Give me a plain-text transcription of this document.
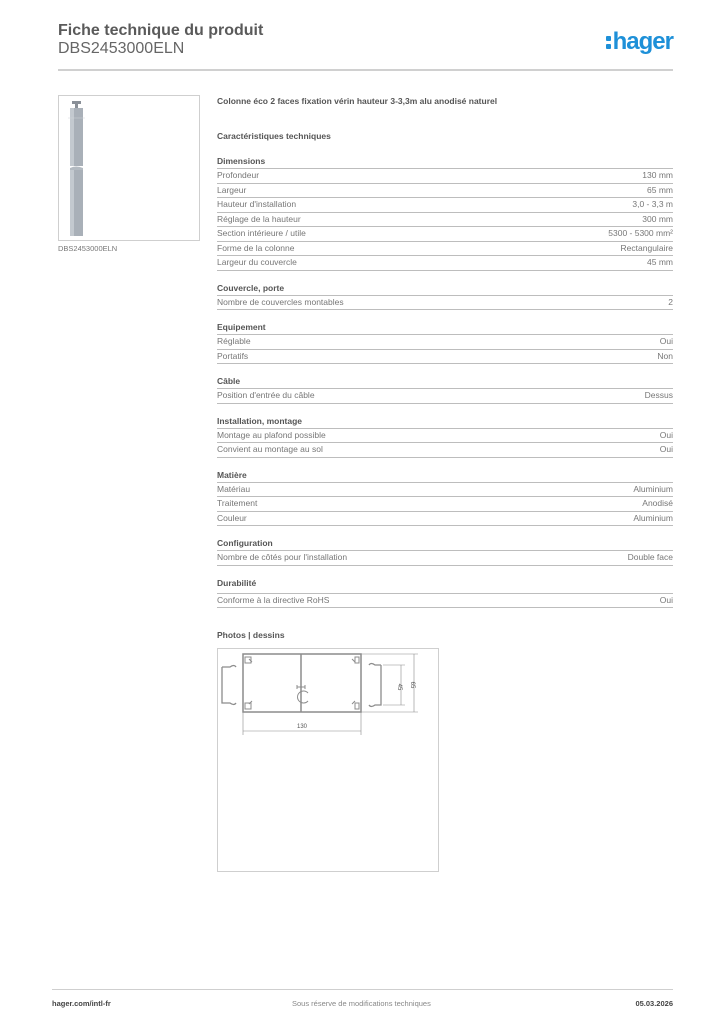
Fiche technique du produit
DBS2453000ELN	hager
DBS2453000ELN
Colonne éco 2 faces fixation vérin hauteur 3-3,3m alu anodisé naturel
Caractéristiques techniques
Dimensions
Profondeur	130 mm
Largeur	65 mm
Hauteur d'installation	3,0 - 3,3 m
Réglage de la hauteur	300 mm
Section intérieure / utile	5300 - 5300 mm²
Forme de la colonne	Rectangulaire
Largeur du couvercle	45 mm
Couvercle, porte
Nombre de couvercles montables	2
Equipement
Réglable	Oui
Portatifs	Non
Câble
Position d'entrée du câble	Dessus
Installation, montage
Montage au plafond possible	Oui
Convient au montage au sol	Oui
Matière
Matériau	Aluminium
Traitement	Anodisé
Couleur	Aluminium
Configuration
Nombre de côtés pour l'installation	Double face
Durabilité
Conforme à la directive RoHS	Oui
Photos | dessins
130
45 65
hager.com/intl-fr	Sous réserve de modifications techniques	05.03.2026
